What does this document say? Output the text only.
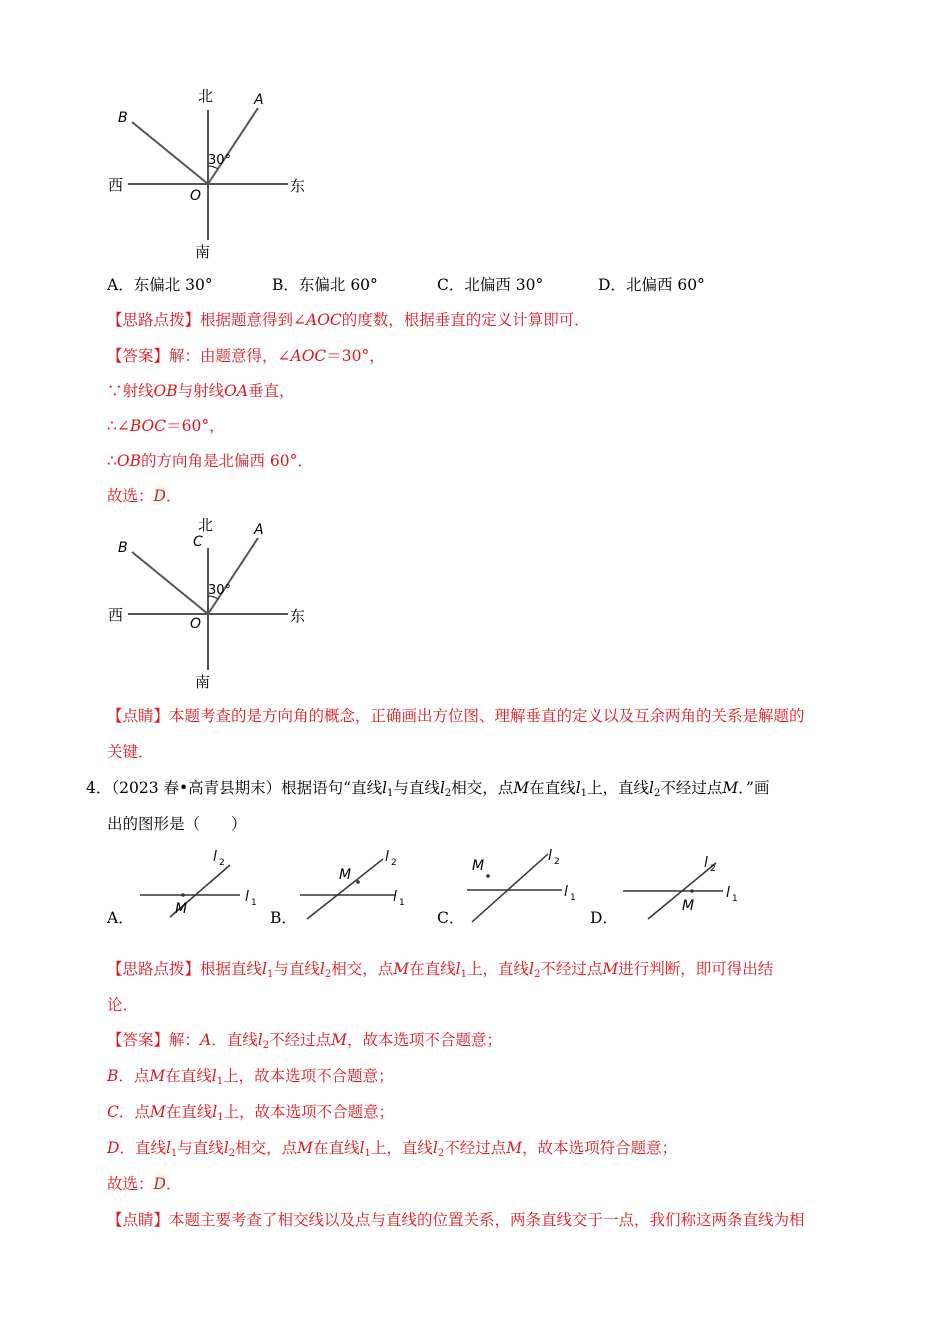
北
南
西	东
30°
O
A
B
A．东偏北 30°	B．东偏北 60°	C．北偏西 30°	D．北偏西 60°
【思路点拨】根据题意得到∠AOC的度数，根据垂直的定义计算即可．
【答案】解：由题意得，∠AOC＝30°，
∵射线OB与射线OA垂直，
∴∠BOC＝60°，
∴OB的方向角是北偏西 60°．
故选：D．
北
南
西	东
30°
O
A
B	C
【点睛】本题考查的是方向角的概念，正确画出方位图、理解垂直的定义以及互余两角的关系是解题的
关键．
4．（2023 春•高青县期末）根据语句“直线$l_1$与直线$l_2$相交，点M在直线$l_1$上，直线$l_2$不经过点M．”画
出的图形是（　　）
A．	M
l 1
l 2
B．
M
l 1
l 2
C．
M
l 1
l 2
D．
M
l 1
l 2
【思路点拨】根据直线$l_1$与直线$l_2$相交，点M在直线$l_1$上，直线$l_2$不经过点M进行判断，即可得出结
论．
【答案】解：A．直线$l_2$不经过点M，故本选项不合题意；
B．点M在直线$l_1$上，故本选项不合题意；
C．点M在直线$l_1$上，故本选项不合题意；
D．直线$l_1$与直线$l_2$相交，点M在直线$l_1$上，直线$l_2$不经过点M，故本选项符合题意；
故选：D．
【点睛】本题主要考查了相交线以及点与直线的位置关系，两条直线交于一点，我们称这两条直线为相
